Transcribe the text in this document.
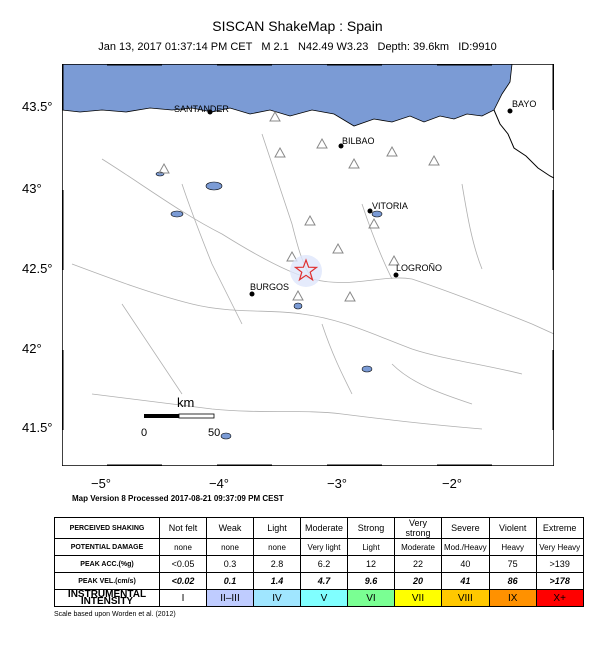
SISCAN ShakeMap : Spain
Jan 13, 2017 01:37:14 PM CET   M 2.1   N42.49 W3.23   Depth: 39.6km   ID:9910
SANTANDER
BILBAO
BAYO
VITORIA
LOGROÑO
BURGOS
km
0	50
43.5°
43°
42.5°
42°
41.5°
−5°	−4°	−3°	−2°
Map Version 8 Processed 2017-08-21 09:37:09 PM CEST
PERCEIVED SHAKING	Not felt	Weak	Light	Moderate	Strong	Very strong	Severe	Violent	Extreme
POTENTIAL DAMAGE	none	none	none	Very light	Light	Moderate	Mod./Heavy	Heavy	Very Heavy
PEAK ACC.(%g)	<0.05	0.3	2.8	6.2	12	22	40	75	>139
PEAK VEL.(cm/s)	<0.02	0.1	1.4	4.7	9.6	20	41	86	>178
INSTRUMENTAL INTENSITY	I	II–III	IV	V	VI	VII	VIII	IX	X+
Scale based upon Worden et al. (2012)
